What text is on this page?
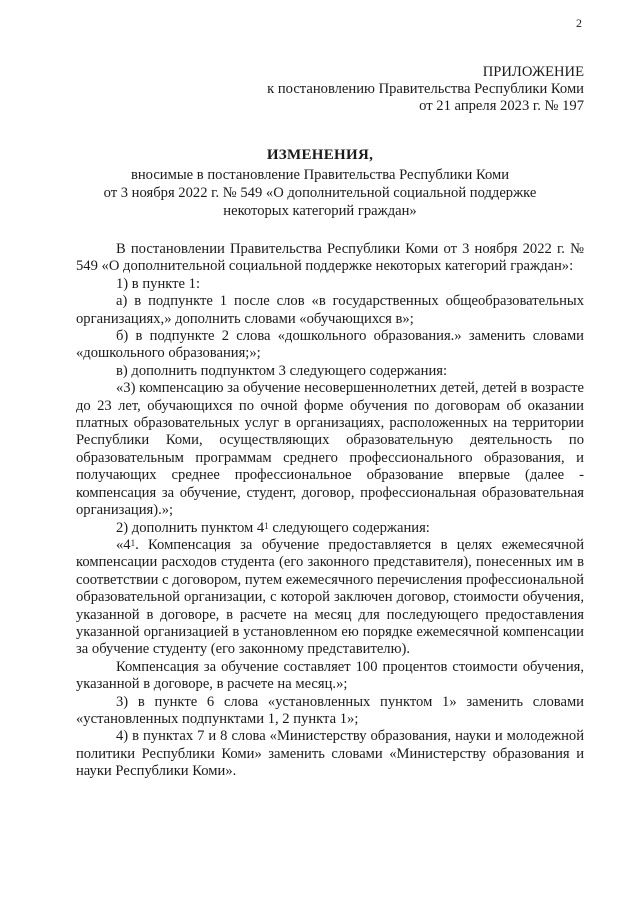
2
ПРИЛОЖЕНИЕ
к постановлению Правительства Республики Коми
от 21 апреля 2023 г. № 197
ИЗМЕНЕНИЯ,
вносимые в постановление Правительства Республики Коми
от 3 ноября 2022 г. № 549 «О дополнительной социальной поддержке
некоторых категорий граждан»

В постановлении Правительства Республики Коми от 3 ноября 2022 г. № 549 «О дополнительной социальной поддержке некоторых категорий граждан»:

1) в пункте 1:

а) в подпункте 1 после слов «в государственных общеобразовательных организациях,» дополнить словами «обучающихся в»;

б) в подпункте 2 слова «дошкольного образования.» заменить словами «дошкольного образования;»;

в) дополнить подпунктом 3 следующего содержания:

«3) компенсацию за обучение несовершеннолетних детей, детей в возрасте до 23 лет, обучающихся по очной форме обучения по договорам об оказании платных образовательных услуг в организациях, расположенных на территории Республики Коми, осуществляющих образовательную деятельность по образовательным программам среднего профессионального образования, и получающих среднее профессиональное образование впервые (далее - компенсация за обучение, студент, договор, профессиональная образовательная организация).»;

2) дополнить пунктом $4^1$ следующего содержания:

«$4^1$. Компенсация за обучение предоставляется в целях ежемесячной компенсации расходов студента (его законного представителя), понесенных им в соответствии с договором, путем ежемесячного перечисления профессиональной образовательной организации, с которой заключен договор, стоимости обучения, указанной в договоре, в расчете на месяц для последующего предоставления указанной организацией в установленном ею порядке ежемесячной компенсации за обучение студенту (его законному представителю).

Компенсация за обучение составляет 100 процентов стоимости обучения, указанной в договоре, в расчете на месяц.»;

3) в пункте 6 слова «установленных пунктом 1» заменить словами «установленных подпунктами 1, 2 пункта 1»;

4) в пунктах 7 и 8 слова «Министерству образования, науки и молодежной политики Республики Коми» заменить словами «Министерству образования и науки Республики Коми».
